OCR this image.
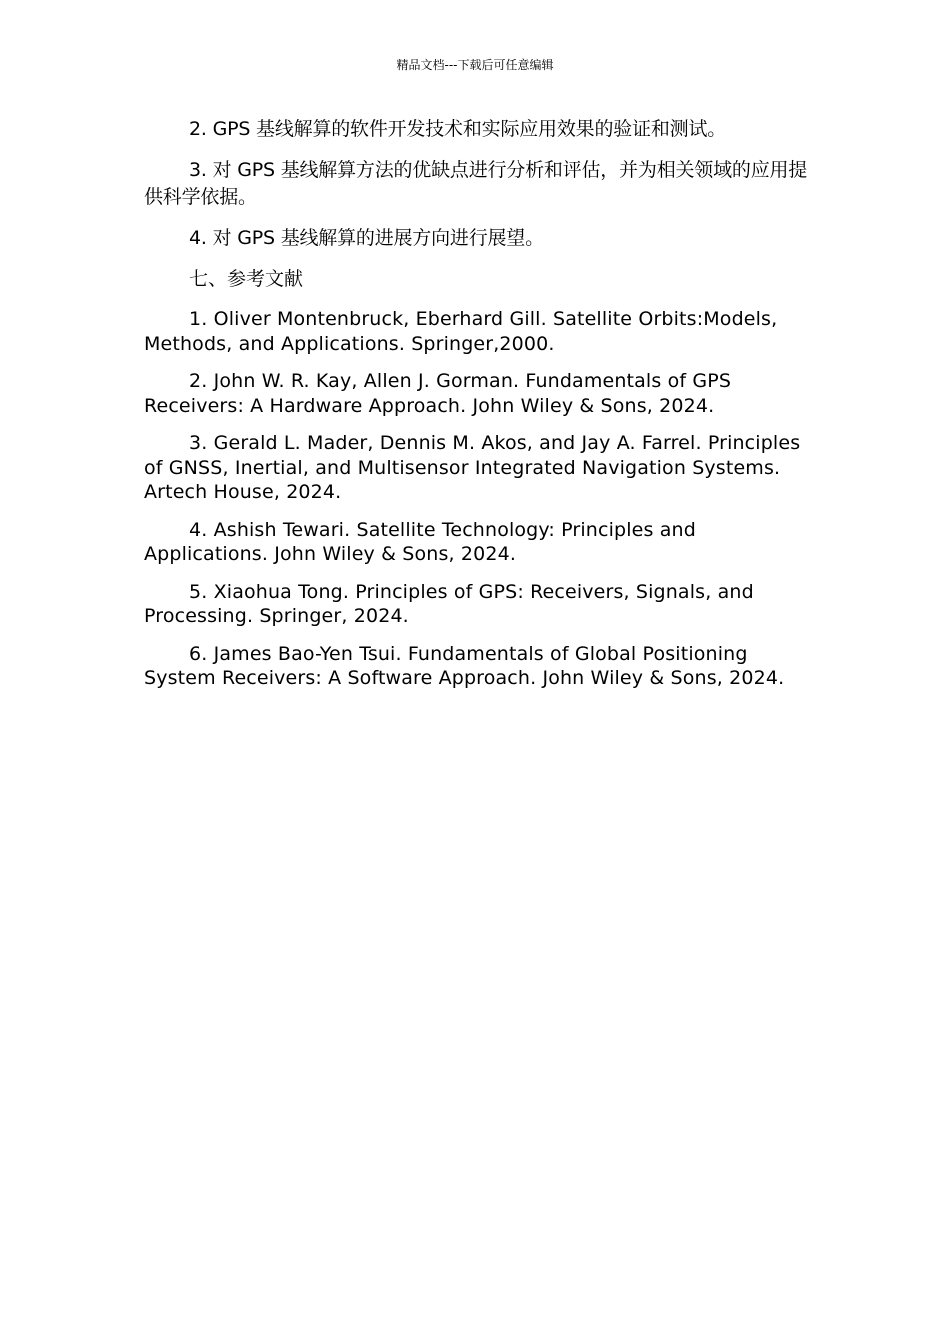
精品文档---下载后可任意编辑

2. GPS 基线解算的软件开发技术和实际应用效果的验证和测试。

3. 对 GPS 基线解算方法的优缺点进行分析和评估，并为相关领域的应用提供科学依据。

4. 对 GPS 基线解算的进展方向进行展望。

七、参考文献

1. Oliver Montenbruck, Eberhard Gill. Satellite Orbits:Models, Methods, and Applications. Springer,2000.

2. John W. R. Kay, Allen J. Gorman. Fundamentals of GPS Receivers: A Hardware Approach. John Wiley & Sons, 2024.

3. Gerald L. Mader, Dennis M. Akos, and Jay A. Farrel. Principles of GNSS, Inertial, and Multisensor Integrated Navigation Systems. Artech House, 2024.

4. Ashish Tewari. Satellite Technology: Principles and Applications. John Wiley & Sons, 2024.

5. Xiaohua Tong. Principles of GPS: Receivers, Signals, and Processing. Springer, 2024.

6. James Bao-Yen Tsui. Fundamentals of Global Positioning System Receivers: A Software Approach. John Wiley & Sons, 2024.
